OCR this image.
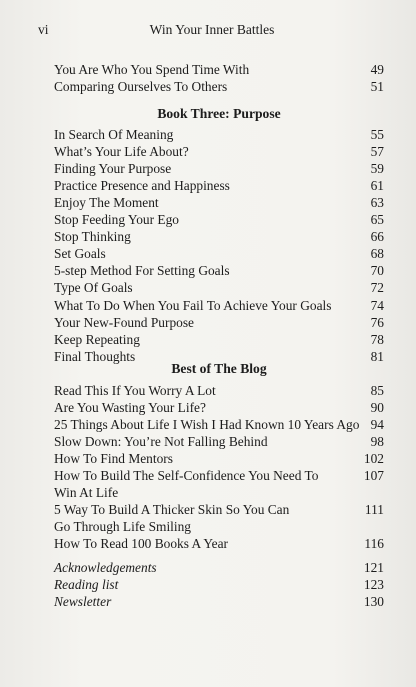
vi	Win Your Inner Battles
You Are Who You Spend Time With	49
Comparing Ourselves To Others	51
Book Three: Purpose
In Search Of Meaning	55
What’s Your Life About?	57
Finding Your Purpose	59
Practice Presence and Happiness	61
Enjoy The Moment	63
Stop Feeding Your Ego	65
Stop Thinking	66
Set Goals	68
5-step Method For Setting Goals	70
Type Of Goals	72
What To Do When You Fail To Achieve Your Goals	74
Your New-Found Purpose	76
Keep Repeating	78
Final Thoughts	81
Best of The Blog
Read This If You Worry A Lot	85
Are You Wasting Your Life?	90
25 Things About Life I Wish I Had Known 10 Years Ago 94
Slow Down: You’re Not Falling Behind	98
How To Find Mentors	102
How To Build The Self-Confidence You Need To	107
Win At Life
5 Way To Build A Thicker Skin So You Can	111
Go Through Life Smiling
How To Read 100 Books A Year	116
Acknowledgements	121
Reading list	123
Newsletter	130
